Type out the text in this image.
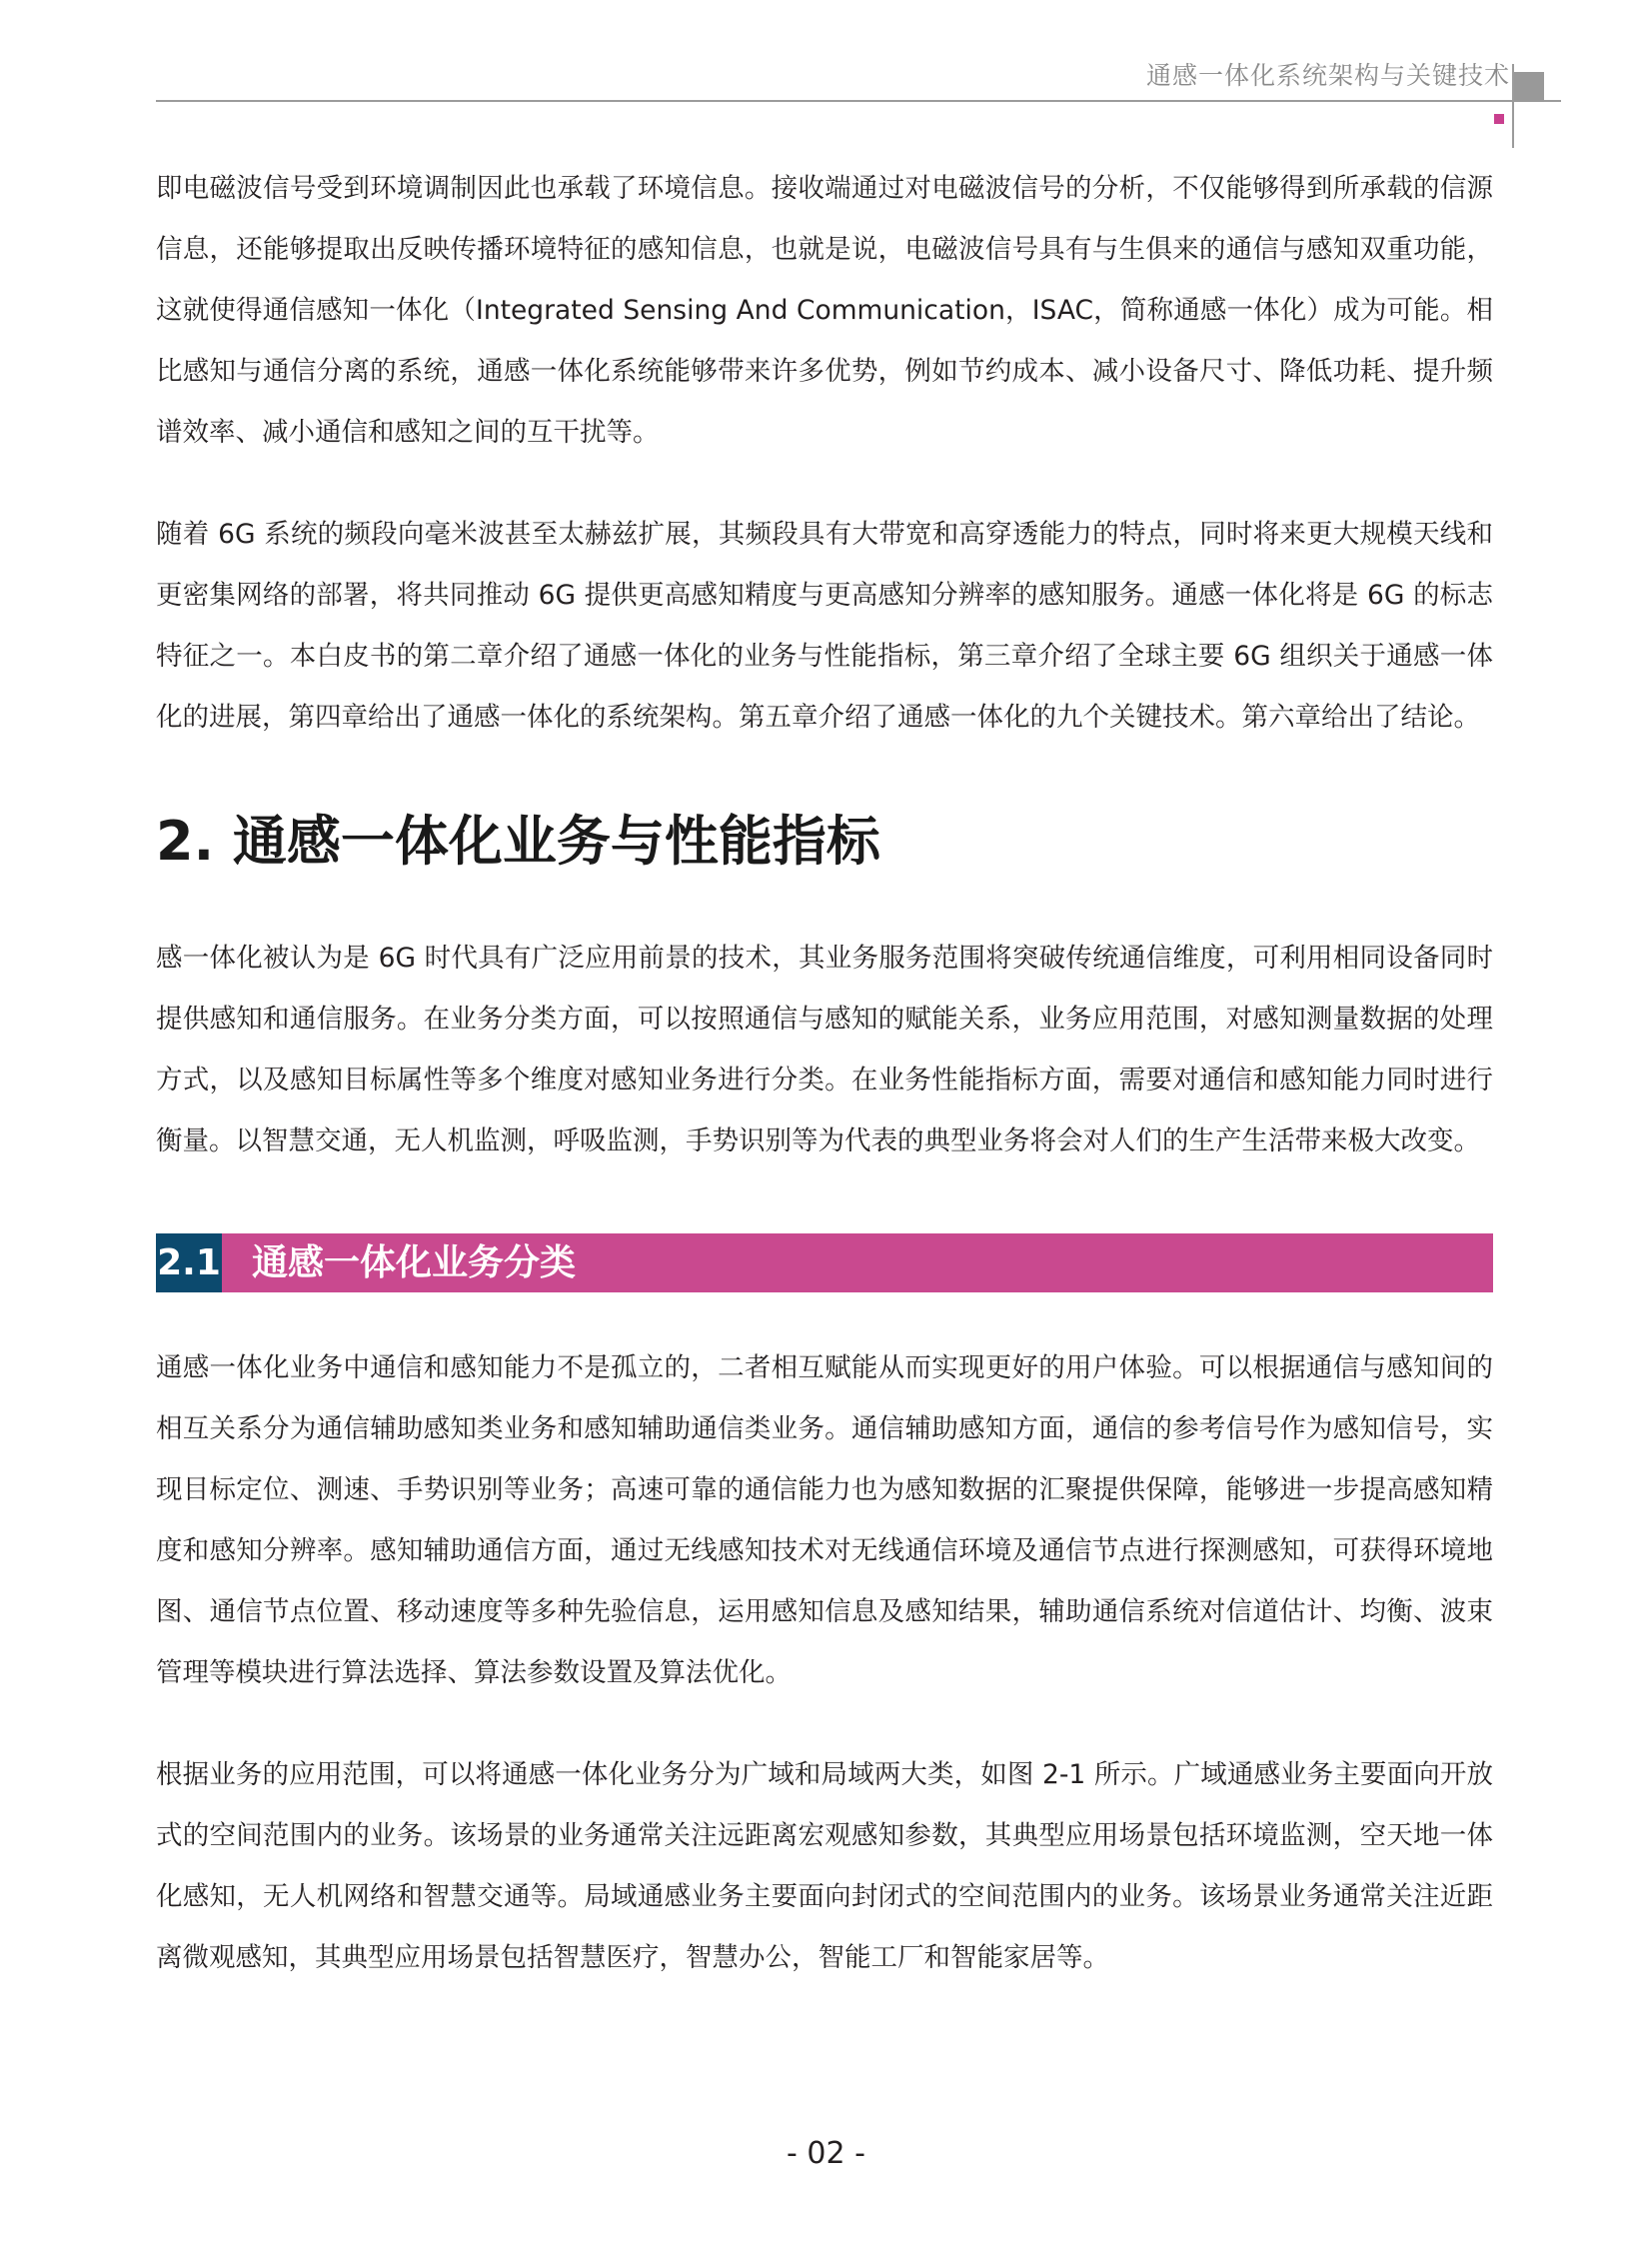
通感一体化系统架构与关键技术

即电磁波信号受到环境调制因此也承载了环境信息。接收端通过对电磁波信号的分析，不仅能够得到所承载的信源信息，还能够提取出反映传播环境特征的感知信息，也就是说，电磁波信号具有与生俱来的通信与感知双重功能，这就使得通信感知一体化（Integrated Sensing And Communication，ISAC，简称通感一体化）成为可能。相比感知与通信分离的系统，通感一体化系统能够带来许多优势，例如节约成本、减小设备尺寸、降低功耗、提升频谱效率、减小通信和感知之间的互干扰等。

随着 6G 系统的频段向毫米波甚至太赫兹扩展，其频段具有大带宽和高穿透能力的特点，同时将来更大规模天线和更密集网络的部署，将共同推动 6G 提供更高感知精度与更高感知分辨率的感知服务。通感一体化将是 6G 的标志特征之一。本白皮书的第二章介绍了通感一体化的业务与性能指标，第三章介绍了全球主要 6G 组织关于通感一体化的进展，第四章给出了通感一体化的系统架构。第五章介绍了通感一体化的九个关键技术。第六章给出了结论。

2. 通感一体化业务与性能指标

感一体化被认为是 6G 时代具有广泛应用前景的技术，其业务服务范围将突破传统通信维度，可利用相同设备同时提供感知和通信服务。在业务分类方面，可以按照通信与感知的赋能关系，业务应用范围，对感知测量数据的处理方式，以及感知目标属性等多个维度对感知业务进行分类。在业务性能指标方面，需要对通信和感知能力同时进行衡量。以智慧交通，无人机监测，呼吸监测，手势识别等为代表的典型业务将会对人们的生产生活带来极大改变。

2.1 通感一体化业务分类

通感一体化业务中通信和感知能力不是孤立的，二者相互赋能从而实现更好的用户体验。可以根据通信与感知间的相互关系分为通信辅助感知类业务和感知辅助通信类业务。通信辅助感知方面，通信的参考信号作为感知信号，实现目标定位、测速、手势识别等业务；高速可靠的通信能力也为感知数据的汇聚提供保障，能够进一步提高感知精度和感知分辨率。感知辅助通信方面，通过无线感知技术对无线通信环境及通信节点进行探测感知，可获得环境地图、通信节点位置、移动速度等多种先验信息，运用感知信息及感知结果，辅助通信系统对信道估计、均衡、波束管理等模块进行算法选择、算法参数设置及算法优化。

根据业务的应用范围，可以将通感一体化业务分为广域和局域两大类，如图 2-1 所示。广域通感业务主要面向开放式的空间范围内的业务。该场景的业务通常关注远距离宏观感知参数，其典型应用场景包括环境监测，空天地一体化感知，无人机网络和智慧交通等。局域通感业务主要面向封闭式的空间范围内的业务。该场景业务通常关注近距离微观感知，其典型应用场景包括智慧医疗，智慧办公，智能工厂和智能家居等。

- 02 -
